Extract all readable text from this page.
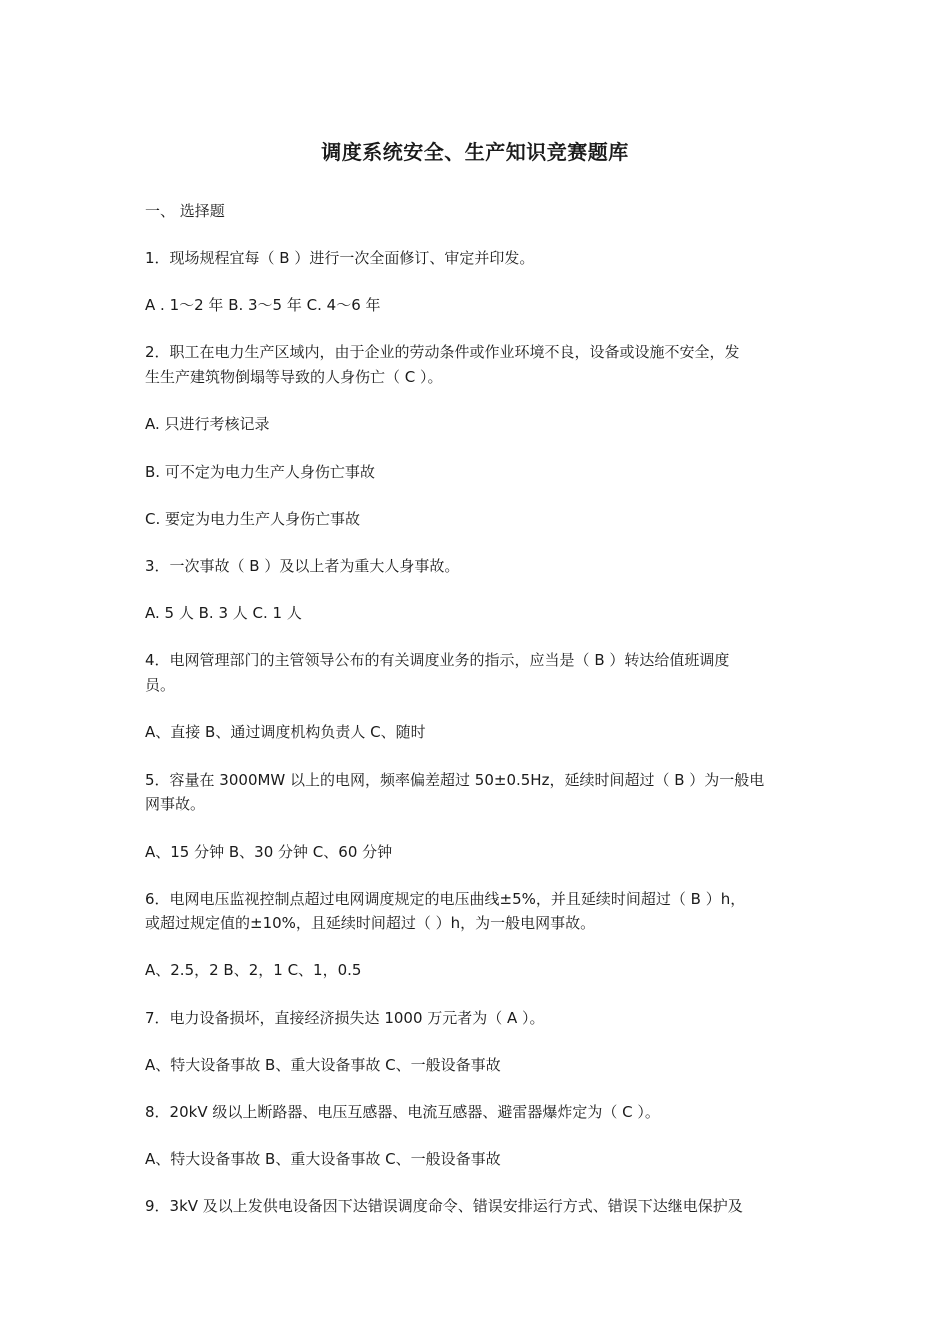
调度系统安全、生产知识竞赛题库
一、 选择题
1．现场规程宜每（ B ）进行一次全面修订、审定并印发。
A . 1～2 年 B. 3～5 年 C. 4～6 年
2．职工在电力生产区域内，由于企业的劳动条件或作业环境不良，设备或设施不安全，发
生生产建筑物倒塌等导致的人身伤亡（ C ）。
A. 只进行考核记录
B. 可不定为电力生产人身伤亡事故
C. 要定为电力生产人身伤亡事故
3．一次事故（ B ）及以上者为重大人身事故。
A. 5 人 B. 3 人 C. 1 人
4．电网管理部门的主管领导公布的有关调度业务的指示，应当是（ B ）转达给值班调度
员。
A、直接 B、通过调度机构负责人 C、随时
5．容量在 3000MW 以上的电网，频率偏差超过 50±0.5Hz，延续时间超过（ B ）为一般电
网事故。
A、15 分钟 B、30 分钟 C、60 分钟
6．电网电压监视控制点超过电网调度规定的电压曲线±5%，并且延续时间超过（ B ）h，
或超过规定值的±10%，且延续时间超过（ ）h，为一般电网事故。
A、2.5，2 B、2，1 C、1，0.5
7．电力设备损坏，直接经济损失达 1000 万元者为（ A ）。
A、特大设备事故 B、重大设备事故 C、一般设备事故
8．20kV 级以上断路器、电压互感器、电流互感器、避雷器爆炸定为（ C ）。
A、特大设备事故 B、重大设备事故 C、一般设备事故
9．3kV 及以上发供电设备因下达错误调度命令、错误安排运行方式、错误下达继电保护及
